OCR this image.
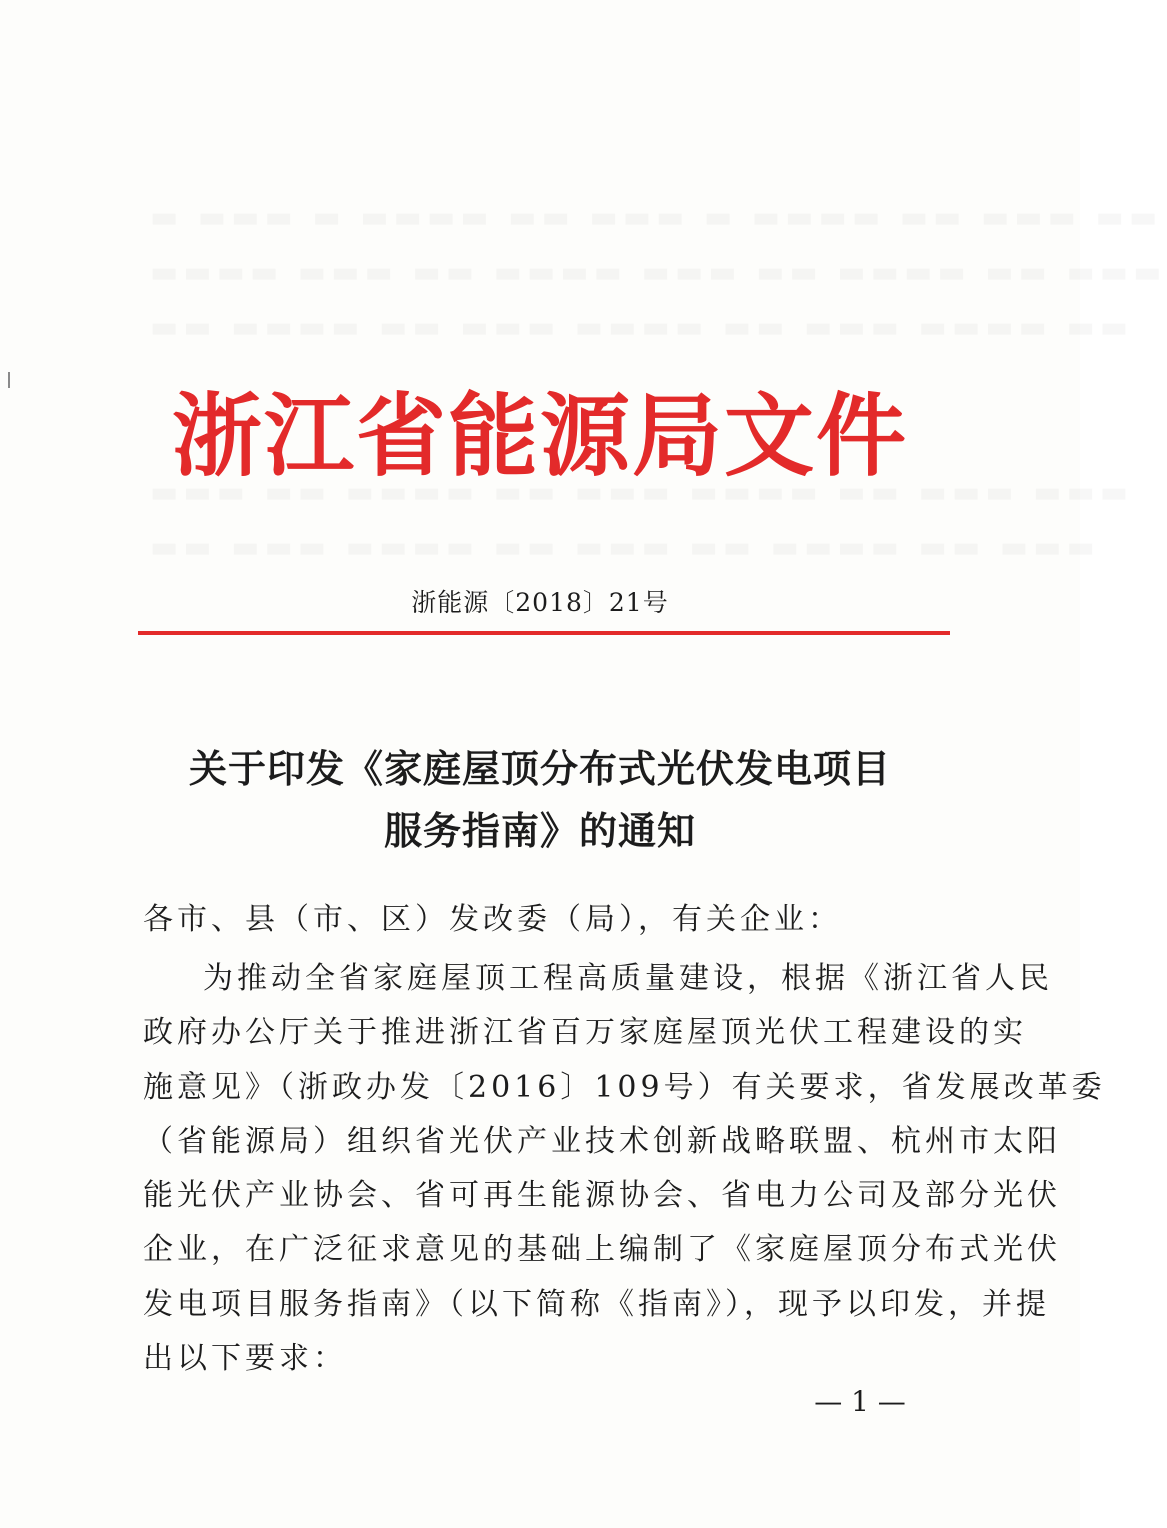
▬ ▬▬▬ ▬ ▬▬▬▬ ▬▬ ▬▬▬ ▬ ▬▬▬▬ ▬▬ ▬▬▬ ▬▬
▬▬▬▬ ▬▬▬ ▬▬ ▬▬▬▬ ▬▬▬ ▬▬ ▬▬▬▬ ▬▬ ▬▬▬
▬▬ ▬▬▬▬ ▬▬ ▬▬▬ ▬▬▬▬ ▬▬ ▬▬▬ ▬▬▬▬ ▬▬
▬▬▬ ▬▬ ▬▬▬▬ ▬▬ ▬▬▬ ▬▬▬▬ ▬▬ ▬▬▬ ▬▬▬
▬▬ ▬▬▬ ▬▬▬▬ ▬▬ ▬▬▬ ▬▬ ▬▬▬▬ ▬▬ ▬▬▬
浙江省能源局文件
浙能源〔2018〕21号
关于印发《家庭屋顶分布式光伏发电项目
服务指南》的通知
各市、县（市、区）发改委（局），有关企业：
为推动全省家庭屋顶工程高质量建设，根据《浙江省人民
政府办公厅关于推进浙江省百万家庭屋顶光伏工程建设的实
施意见》（浙政办发〔2016〕109号）有关要求，省发展改革委
（省能源局）组织省光伏产业技术创新战略联盟、杭州市太阳
能光伏产业协会、省可再生能源协会、省电力公司及部分光伏
企业，在广泛征求意见的基础上编制了《家庭屋顶分布式光伏
发电项目服务指南》（以下简称《指南》），现予以印发，并提
出以下要求：
— 1 —
